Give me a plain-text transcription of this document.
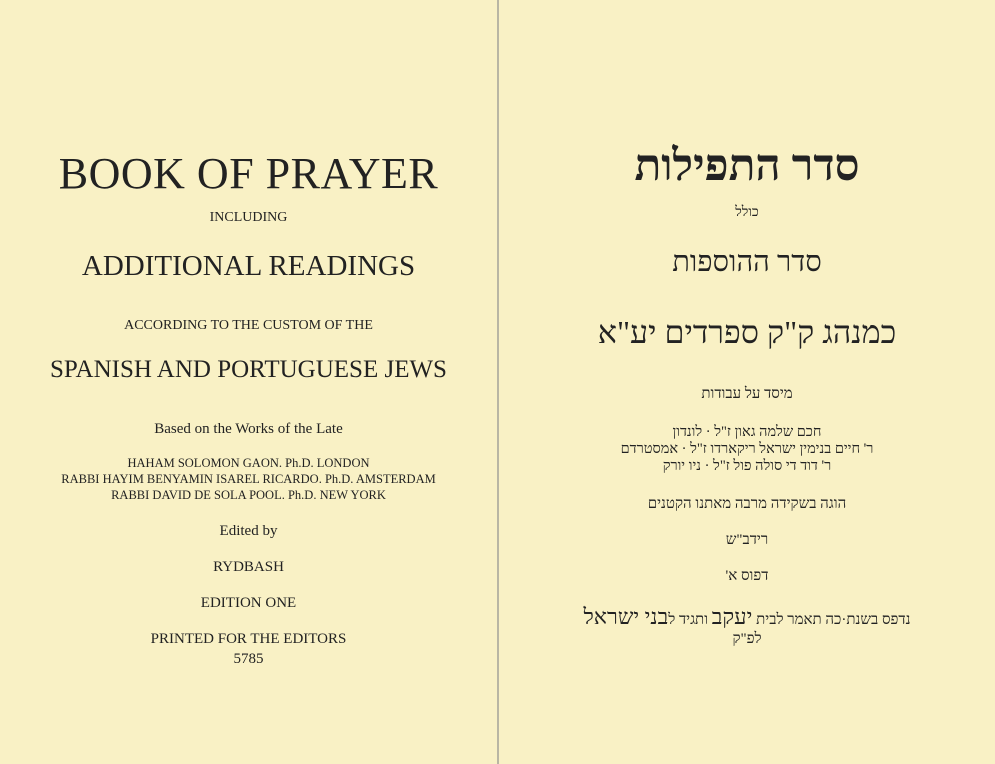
BOOK OF PRAYER
INCLUDING
ADDITIONAL READINGS
ACCORDING TO THE CUSTOM OF THE
SPANISH AND PORTUGUESE JEWS
Based on the Works of the Late
HAHAM SOLOMON GAON. Ph.D. LONDON
RABBI HAYIM BENYAMIN ISAREL RICARDO. Ph.D. AMSTERDAM
RABBI DAVID DE SOLA POOL. Ph.D. NEW YORK
Edited by
RYDBASH
EDITION ONE
PRINTED FOR THE EDITORS
5785
סדר התפילות
כולל
סדר ההוספות
כמנהג ק"ק ספרדים יע"א
מיסד על עבודות
חכם שלמה גאון ז"ל · לונדון
ר' חיים בנימין ישראל ריקארדו ז"ל · אמסטרדם
ר' דוד די סולה פול ז"ל · ניו יורק
הוגה בשקידה מרבה מאתנו הקטנים
רידב"ש
דפוס א'
נדפס בשנת·כה תאמר לבית יעקב ותגיד לבני ישראל
לפ"ק
